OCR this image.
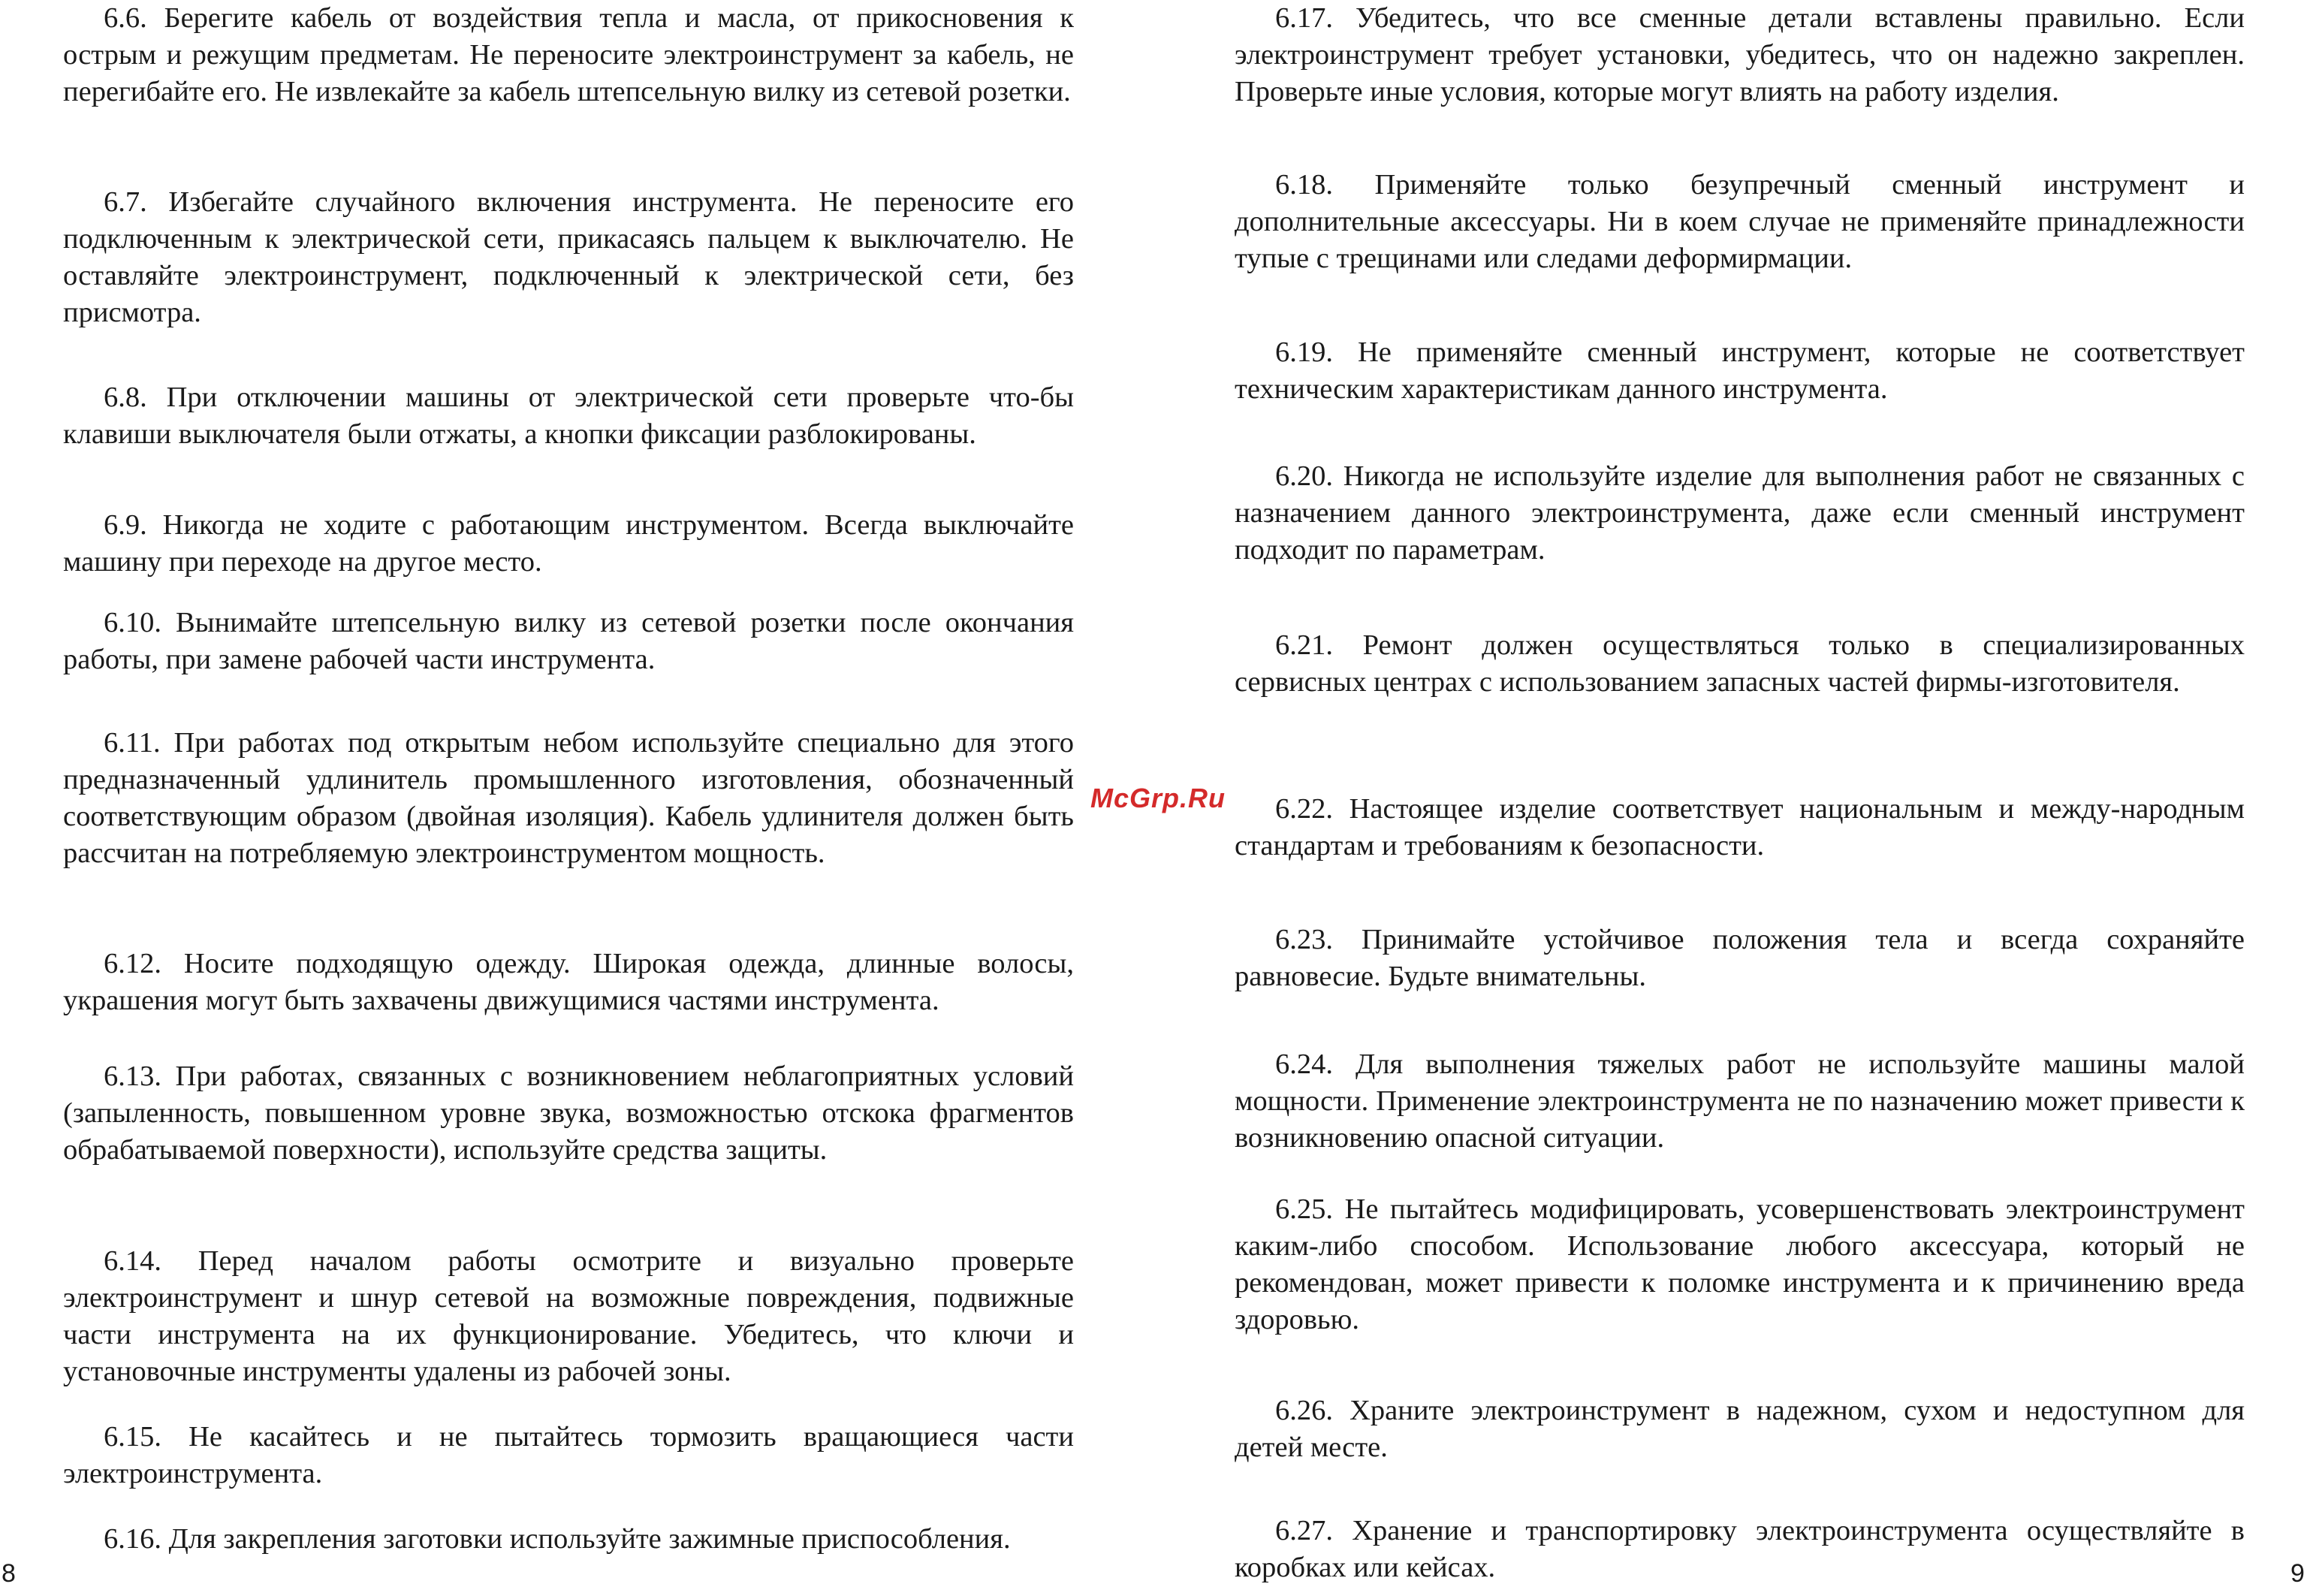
6.6. Берегите кабель от воздействия тепла и масла, от прикосновения к острым и режущим предметам. Не переносите электроинструмент за кабель, не перегибайте его. Не извлекайте за кабель штепсельную вилку из сетевой розетки.

6.7. Избегайте случайного включения инструмента. Не переносите его подключенным к электрической сети, прикасаясь пальцем к выключателю. Не оставляйте электроинструмент, подключенный к электрической сети, без присмотра.

6.8. При отключении машины от электрической сети проверьте что-бы клавиши выключателя были отжаты, а кнопки фиксации разблокированы.

6.9. Никогда не ходите с работающим инструментом. Всегда выключайте машину при переходе на другое место.

6.10. Вынимайте штепсельную вилку из сетевой розетки после окончания работы, при замене рабочей части инструмента.

6.11. При работах под открытым небом используйте специально для этого предназначенный удлинитель промышленного изготовления, обозначенный соответствующим образом (двойная изоляция). Кабель удлинителя должен быть рассчитан на потребляемую электроинструментом мощность.

6.12. Носите подходящую одежду. Широкая одежда, длинные волосы, украшения могут быть захвачены движущимися частями инструмента.

6.13. При работах, связанных с возникновением неблагоприятных условий (запыленность, повышенном уровне звука, возможностью отскока фрагментов обрабатываемой поверхности), используйте средства защиты.

6.14. Перед началом работы осмотрите и визуально проверьте электроинструмент и шнур сетевой на возможные повреждения, подвижные части инструмента на их функционирование. Убедитесь, что ключи и установочные инструменты удалены из рабочей зоны.

6.15. Не касайтесь и не пытайтесь тормозить вращающиеся части электроинструмента.

6.16. Для закрепления заготовки используйте зажимные приспособления.

6.17. Убедитесь, что все сменные детали вставлены правильно. Если электроинструмент требует установки, убедитесь, что он надежно закреплен. Проверьте иные условия, которые могут влиять на работу изделия.

6.18. Применяйте только безупречный сменный инструмент и дополнительные аксессуары. Ни в коем случае не применяйте принадлежности тупые с трещинами или следами деформирмации.

6.19. Не применяйте сменный инструмент, которые не соответствует техническим характеристикам данного инструмента.

6.20. Никогда не используйте изделие для выполнения работ не связанных с назначением данного электроинструмента, даже если сменный инструмент подходит по параметрам.

6.21. Ремонт должен осуществляться только в специализированных сервисных центрах с использованием запасных частей фирмы-изготовителя.

6.22. Настоящее изделие соответствует национальным и между-народным стандартам и требованиям к безопасности.

6.23. Принимайте устойчивое положения тела и всегда сохраняйте равновесие. Будьте внимательны.

6.24. Для выполнения тяжелых работ не используйте машины малой мощности. Применение электроинструмента не по назначению может привести к возникновению опасной ситуации.

6.25. Не пытайтесь модифицировать, усовершенствовать электроинструмент каким-либо способом. Использование любого аксессуара, который не рекомендован, может привести к поломке инструмента и к причинению вреда здоровью.

6.26. Храните электроинструмент в надежном, сухом и недоступном для детей месте.

6.27. Хранение и транспортировку электроинструмента осуществляйте в коробках или кейсах.

McGrp.Ru
8	9
